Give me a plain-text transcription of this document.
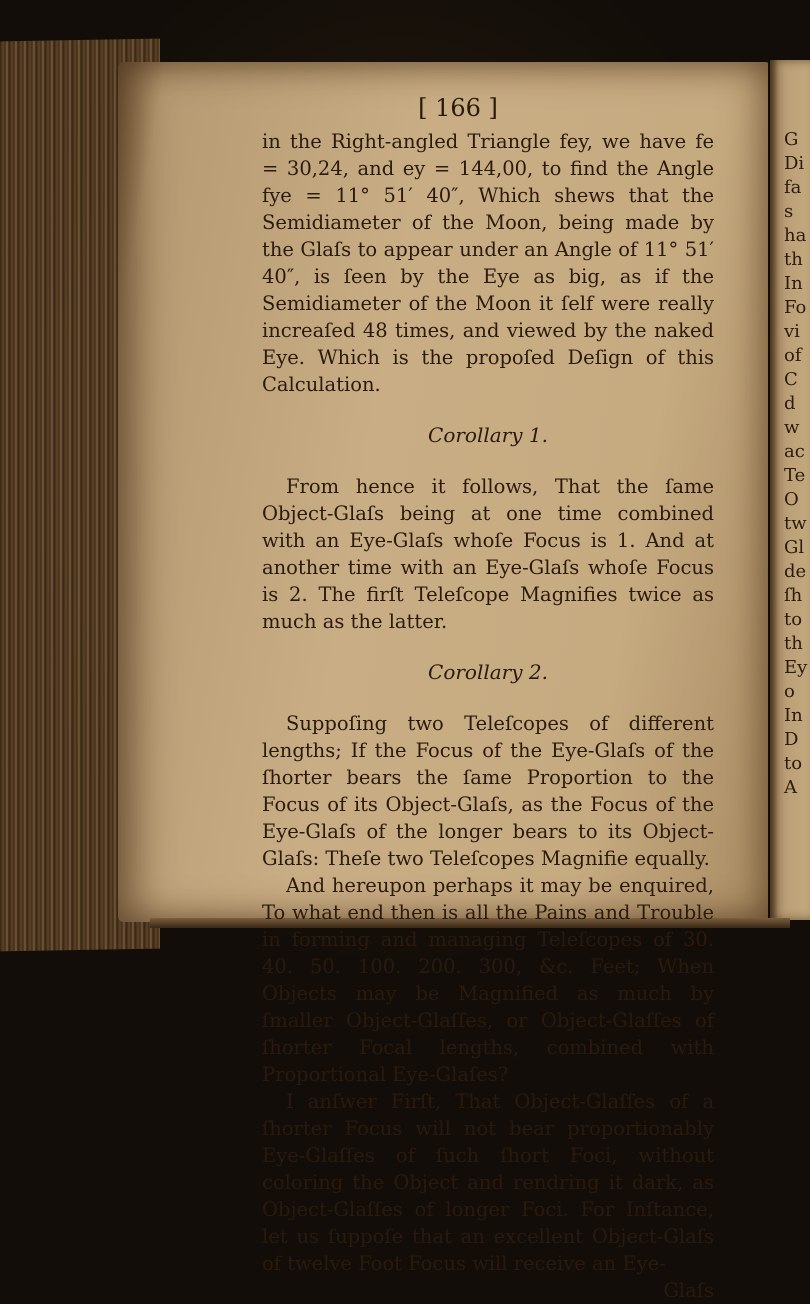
[ 166 ]

in the Right-angled Triangle fey, we have fe = 30,24, and ey = 144,00, to find the Angle fye = 11° 51′ 40″, Which shews that the Semidiameter of the Moon, being made by the Glaſs to appear under an Angle of 11° 51′ 40″, is ſeen by the Eye as big, as if the Semidiameter of the Moon it ſelf were really increaſed 48 times, and viewed by the naked Eye. Which is the propoſed Deſign of this Calculation.

Corollary 1.

From hence it follows, That the ſame Object-Glaſs being at one time combined with an Eye-Glaſs whoſe Focus is 1. And at another time with an Eye-Glaſs whoſe Focus is 2. The firſt Teleſcope Magnifies twice as much as the latter.

Corollary 2.

Suppoſing two Teleſcopes of different lengths; If the Focus of the Eye-Glaſs of the ſhorter bears the ſame Proportion to the Focus of its Object-Glaſs, as the Focus of the Eye-Glaſs of the longer bears to its Object-Glaſs: Theſe two Teleſcopes Magnifie equally.

And hereupon perhaps it may be enquired, To what end then is all the Pains and Trouble in forming and managing Teleſcopes of 30. 40. 50. 100. 200. 300, &c. Feet; When Objects may be Magnified as much by ſmaller Object-Glaſſes, or Object-Glaſſes of ſhorter Focal lengths, combined with Proportional Eye-Glaſes?

I anſwer Firſt, That Object-Glaſſes of a ſhorter Focus will not bear proportionably Eye-Glaſſes of ſuch ſhort Foci, without coloring the Object and rendring it dark, as Object-Glaſſes of longer Foci. For Inſtance, let us ſuppoſe that an excellent Object-Glaſs of twelve Foot Focus will receive an Eye-

Glaſs

G
Di
fa
s
ha
th
In
Fo
vi
of
C
d
w
ac
Te
O
tw
Gl
de
ſh
to
th
Ey
o
In
D
to
A
